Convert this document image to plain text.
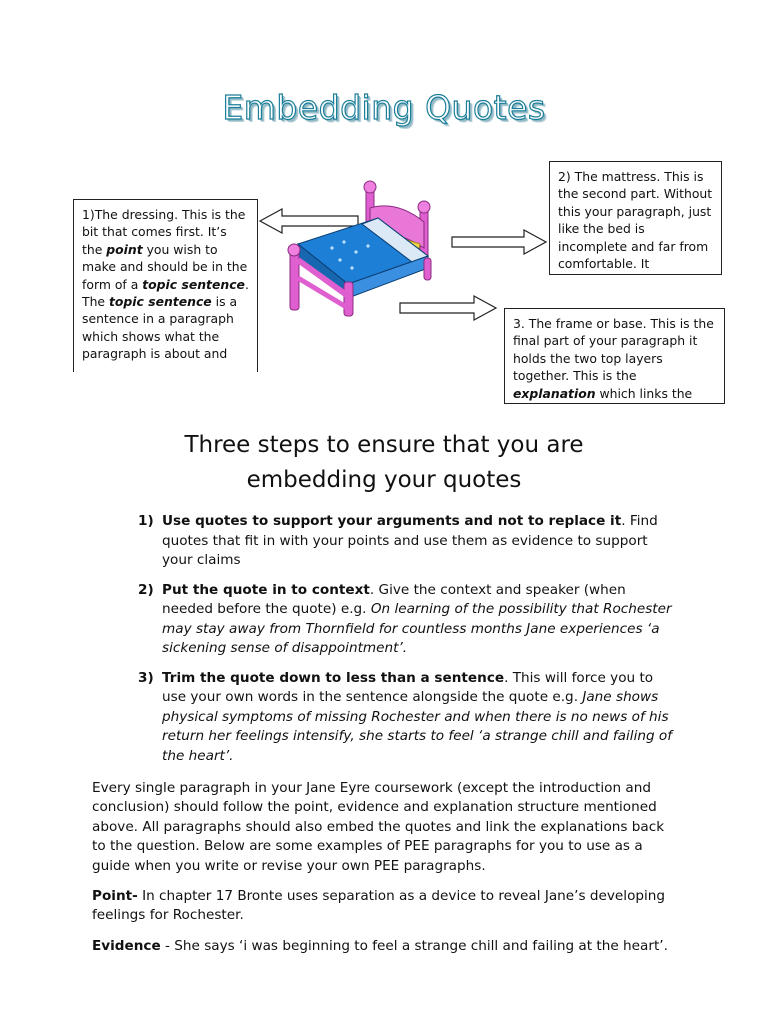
Embedding Quotes
1)The dressing. This is the bit that comes first. It’s the point you wish to make and should be in the form of a topic sentence. The topic sentence is a sentence in a paragraph which shows what the paragraph is about and
2) The mattress. This is the second part. Without this your paragraph, just like the bed is incomplete and far from comfortable. It
3. The frame or base. This is the final part of your paragraph it holds the two top layers together. This is the explanation which links the
Three steps to ensure that you are
embedding your quotes
1) Use quotes to support your arguments and not to replace it. Find quotes that fit in with your points and use them as evidence to support your claims
2) Put the quote in to context. Give the context and speaker (when needed before the quote) e.g. On learning of the possibility that Rochester may stay away from Thornfield for countless months Jane experiences ‘a sickening sense of disappointment’.
3) Trim the quote down to less than a sentence. This will force you to use your own words in the sentence alongside the quote e.g. Jane shows physical symptoms of missing Rochester and when there is no news of his return her feelings intensify, she starts to feel ‘a strange chill and failing of the heart’.

Every single paragraph in your Jane Eyre coursework (except the introduction and conclusion) should follow the point, evidence and explanation structure mentioned above. All paragraphs should also embed the quotes and link the explanations back to the question. Below are some examples of PEE paragraphs for you to use as a guide when you write or revise your own PEE paragraphs.

Point- In chapter 17 Bronte uses separation as a device to reveal Jane’s developing feelings for Rochester.

Evidence - She says ‘i was beginning to feel a strange chill and failing at the heart’.
